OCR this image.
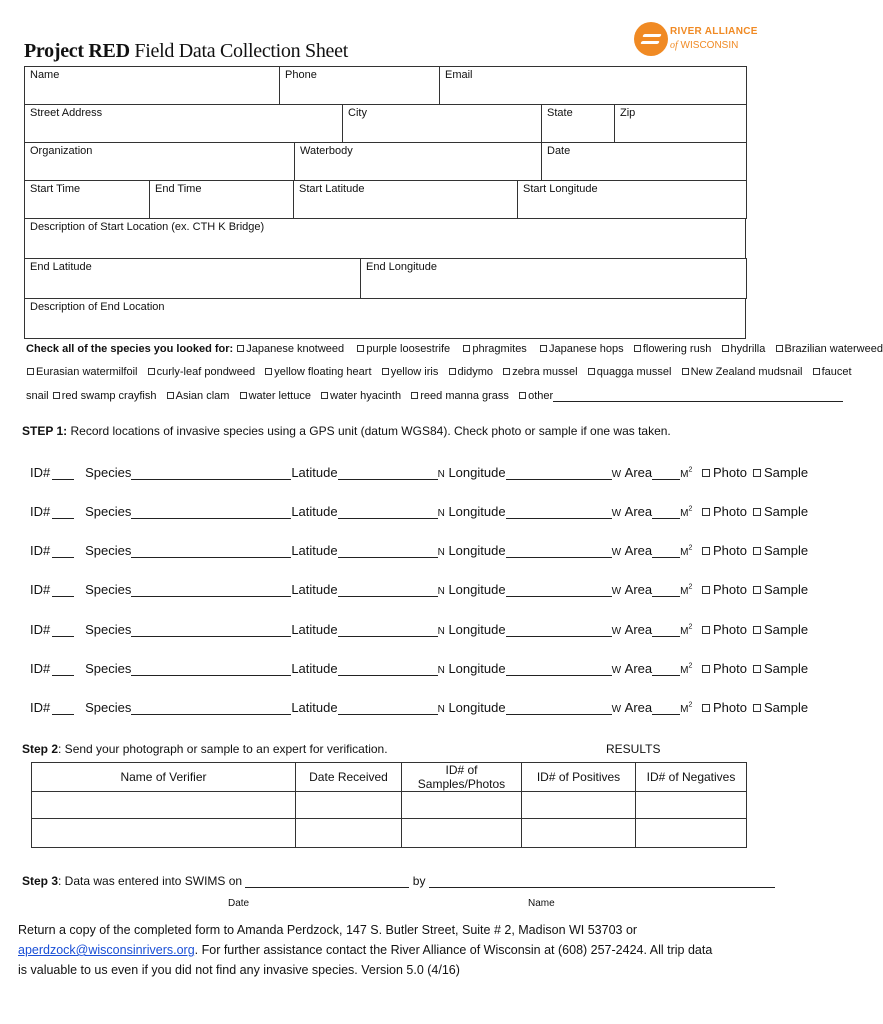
Project RED Field Data Collection Sheet
RIVER ALLIANCE
of WISCONSIN
Name	Phone	Email
Street Address	City	State	Zip
Organization	Waterbody	Date
Start Time	End Time	Start Latitude	Start Longitude
Description of Start Location (ex. CTH K Bridge)
End Latitude	End Longitude
Description of End Location
Check all of the species you looked for: Japanese knotweed purple loosestrife phragmites Japanese hops flowering rush hydrilla Brazilian waterweed
Eurasian watermilfoil curly-leaf pondweed yellow floating heart yellow iris didymo zebra mussel quagga mussel New Zealand mudsnail faucet
snail red swamp crayfish Asian clam water lettuce water hyacinth reed manna grass other
STEP 1: Record locations of invasive species using a GPS unit (datum WGS84). Check photo or sample if one was taken.
ID#	Species	Latitude	N Longitude	W Area	$M^2$ Photo Sample
ID#	Species	Latitude	N Longitude	W Area	$M^2$ Photo Sample
ID#	Species	Latitude	N Longitude	W Area	$M^2$ Photo Sample
ID#	Species	Latitude	N Longitude	W Area	$M^2$ Photo Sample
ID#	Species	Latitude	N Longitude	W Area	$M^2$ Photo Sample
ID#	Species	Latitude	N Longitude	W Area	$M^2$ Photo Sample
ID#	Species	Latitude	N Longitude	W Area	$M^2$ Photo Sample
Step 2: Send your photograph or sample to an expert for verification.	RESULTS
Name of Verifier	Date Received	ID# of Samples/Photos	ID# of Positives	ID# of Negatives

Step 3: Data was entered into SWIMS on	by
Date	Name
Return a copy of the completed form to Amanda Perdzock, 147 S. Butler Street, Suite # 2, Madison WI 53703 or aperdzock@wisconsinrivers.org. For further assistance contact the River Alliance of Wisconsin at (608) 257-2424. All trip data is valuable to us even if you did not find any invasive species. Version 5.0 (4/16)
